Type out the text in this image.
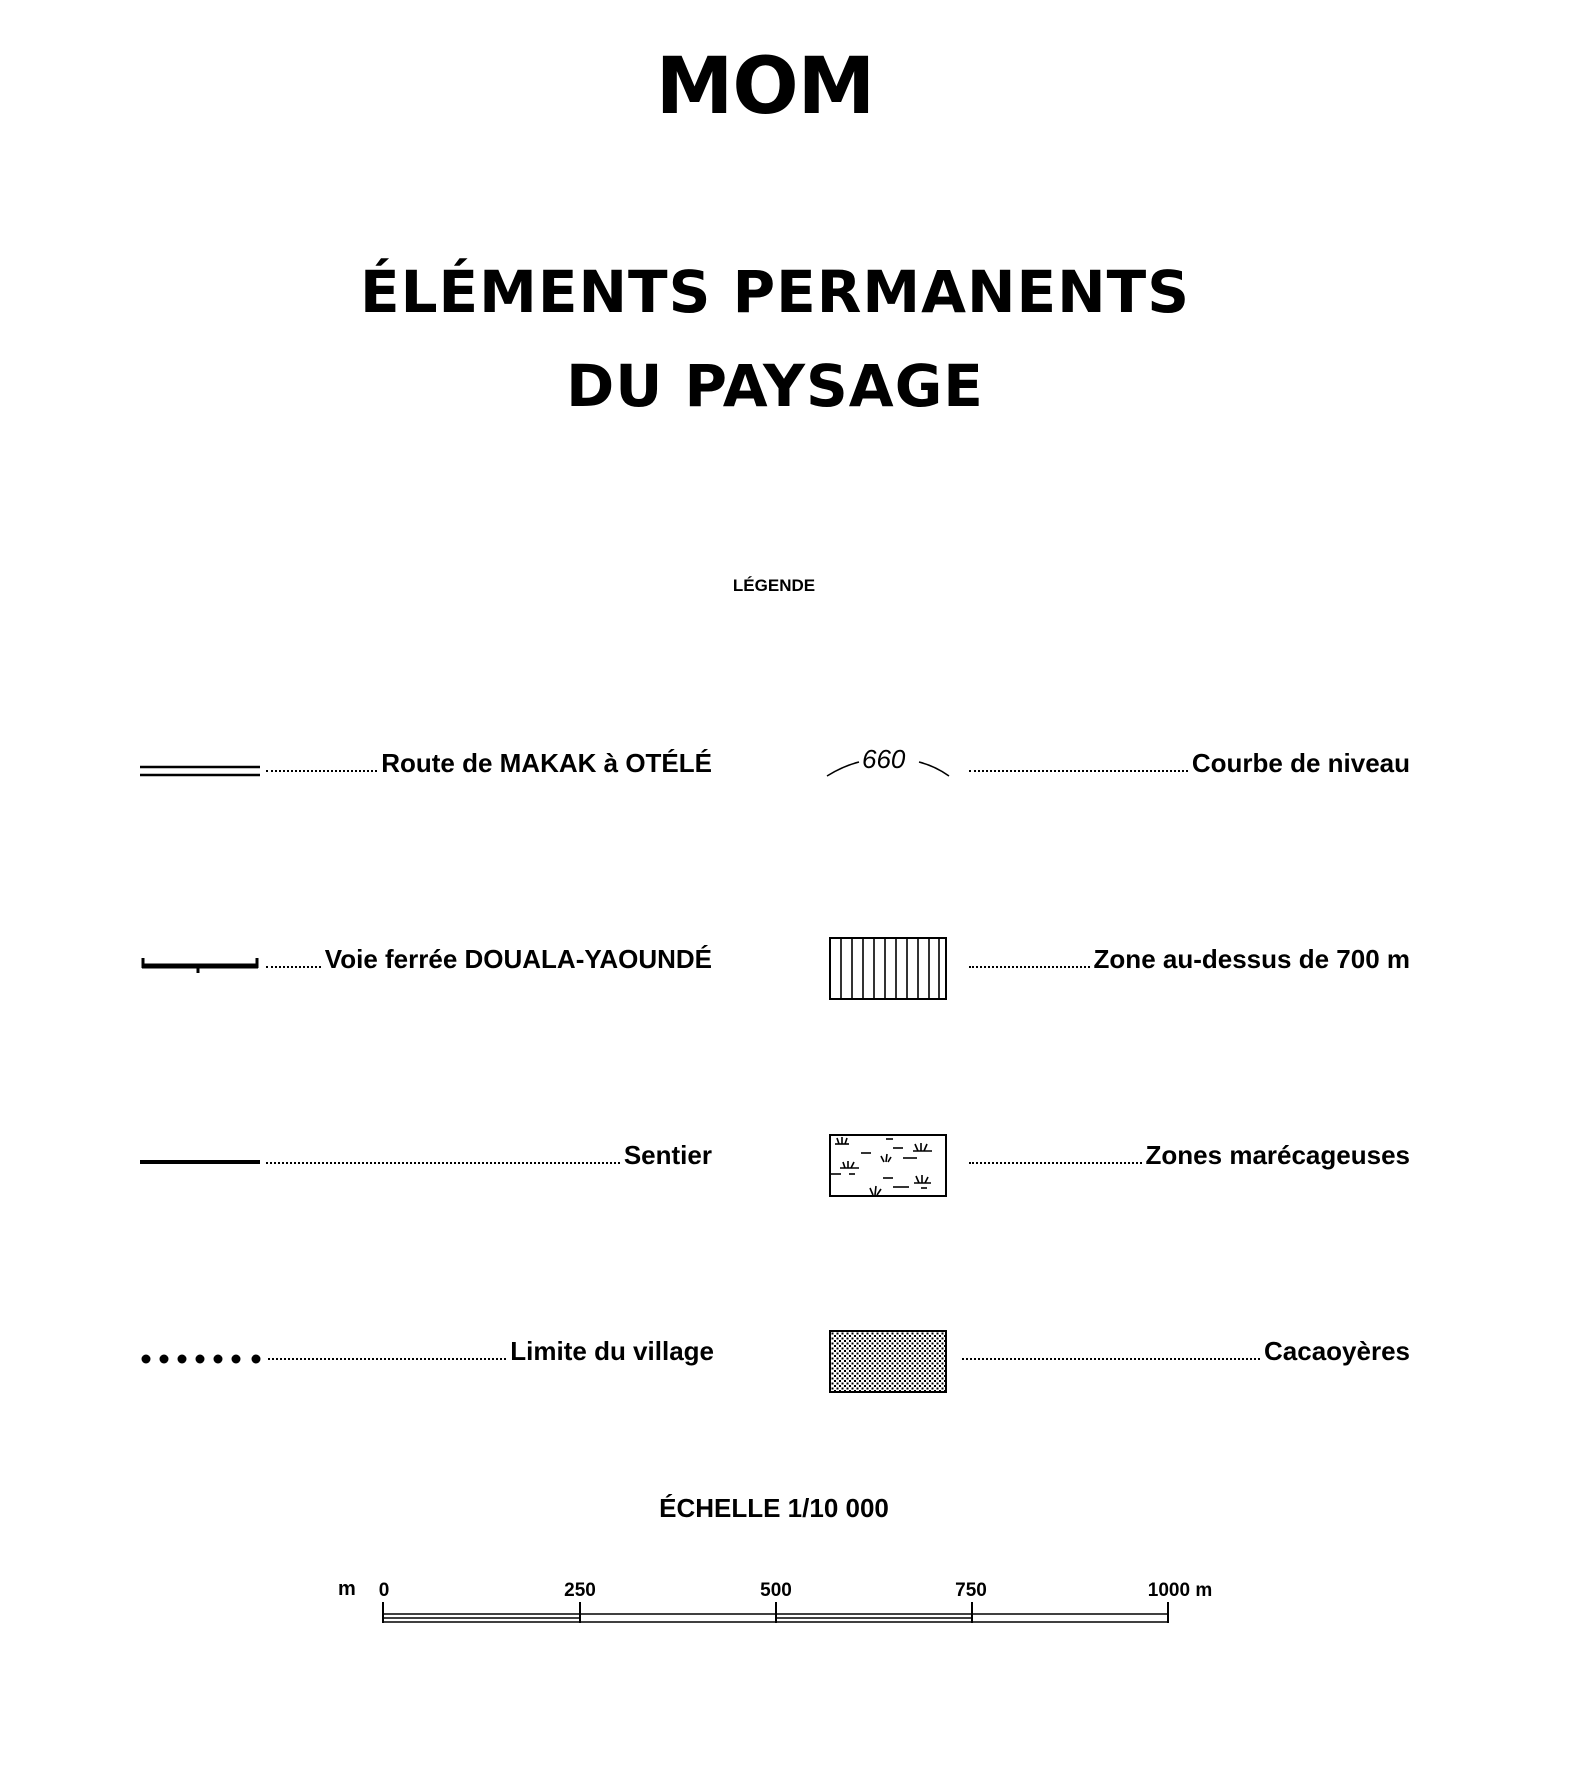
MOM
ÉLÉMENTS PERMANENTS
DU PAYSAGE
LÉGENDE
Route de MAKAK à OTÉLÉ
Voie ferrée DOUALA-YAOUNDÉ
Sentier
Limite du village
660	Courbe de niveau
Zone au-dessus de 700 m
Zones marécageuses
Cacaoyères
ÉCHELLE 1/10 000
m 0	250	500	750	1000 m
